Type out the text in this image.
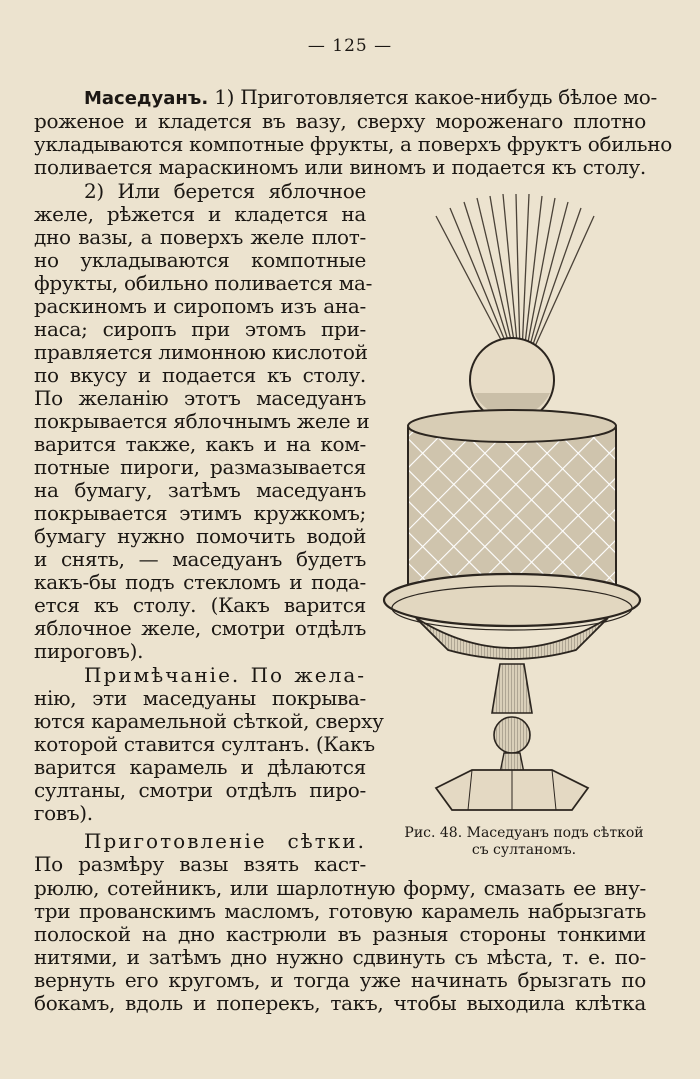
— 125 —
Маседуанъ. 1) Приготовляется какое-нибудь бѣлое мо-
роженое и кладется въ вазу, сверху мороженаго плотно
укладываются компотные фрукты, а поверхъ фруктъ обильно
поливается мараскиномъ или виномъ и подается къ столу.
2) Или берется яблочное
желе, рѣжется и кладется на
дно вазы, а поверхъ желе плот-
но укладываются компотные
фрукты, обильно поливается ма-
раскиномъ и сиропомъ изъ ана-
наса; сиропъ при этомъ при-
правляется лимонною кислотой
по вкусу и подается къ столу.
По желанію этотъ маседуанъ
покрывается яблочнымъ желе и
варится также, какъ и на ком-
потные пироги, размазывается
на бумагу, затѣмъ маседуанъ
покрывается этимъ кружкомъ;
бумагу нужно помочить водой
и снять, — маседуанъ будетъ
какъ-бы подъ стекломъ и пода-
ется къ столу. (Какъ варится
яблочное желе, смотри отдѣлъ
пироговъ).
Примѣчаніе. По жела-
нію, эти маседуаны покрыва-
ются карамельной сѣткой, сверху
которой ставится султанъ. (Какъ
варится карамель и дѣлаются
султаны, смотри отдѣлъ пиро-
говъ).
Приготовленіе сѣтки.
По размѣру вазы взять каст-
рюлю, сотейникъ, или шарлотную форму, смазать ее вну-
три прованскимъ масломъ, готовую карамель набрызгать
полоской на дно кастрюли въ разныя стороны тонкими
нитями, и затѣмъ дно нужно сдвинуть съ мѣста, т. е. по-
вернуть его кругомъ, и тогда уже начинать брызгать по
бокамъ, вдоль и поперекъ, такъ, чтобы выходила клѣтка
Рис. 48. Маседуанъ подъ сѣткой
съ султаномъ.
